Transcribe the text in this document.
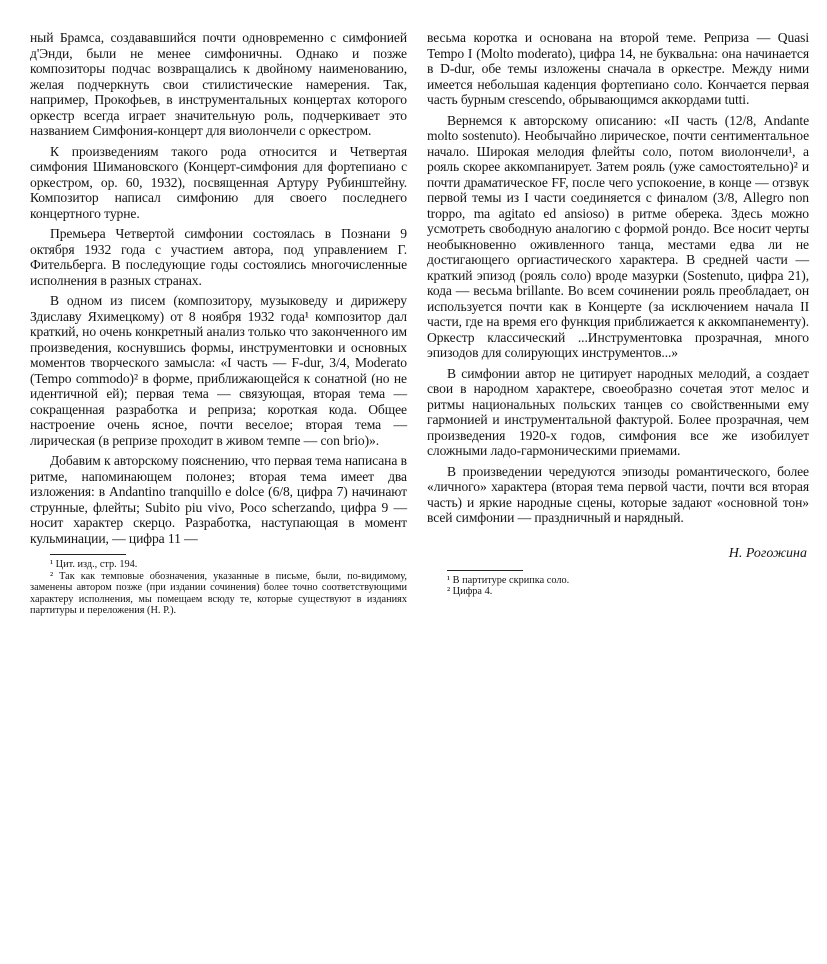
ный Брамса, создававшийся почти одновременно с симфонией д'Энди, были не менее симфоничны. Однако и позже композиторы подчас возвращались к двойному наименованию, желая подчеркнуть свои стилистические намерения. Так, например, Прокофьев, в инструментальных концертах которого оркестр всегда играет значительную роль, подчеркивает это названием Симфония-концерт для виолончели с оркестром.

К произведениям такого рода относится и Четвертая симфония Шимановского (Концерт-симфония для фортепиано с оркестром, ор. 60, 1932), посвященная Артуру Рубинштейну. Композитор написал симфонию для своего последнего концертного турне.

Премьера Четвертой симфонии состоялась в Познани 9 октября 1932 года с участием автора, под управлением Г. Фительберга. В последующие годы состоялись многочисленные исполнения в разных странах.

В одном из писем (композитору, музыковеду и дирижеру Здиславу Яхимецкому) от 8 ноября 1932 года¹ композитор дал краткий, но очень конкретный анализ только что законченного им произведения, коснувшись формы, инструментовки и основных моментов творческого замысла: «I часть — F-dur, 3/4, Moderato (Tempo commodo)² в форме, приближающейся к сонатной (но не идентичной ей); первая тема — связующая, вторая тема — сокращенная разработка и реприза; короткая кода. Общее настроение очень ясное, почти веселое; вторая тема — лирическая (в репризе проходит в живом темпе — con brio)».

Добавим к авторскому пояснению, что первая тема написана в ритме, напоминающем полонез; вторая тема имеет два изложения: в Andantino tranquillo e dolce (6/8, цифра 7) начинают струнные, флейты; Subito piu vivo, Poco scherzando, цифра 9 — носит характер скерцо. Разработка, наступающая в момент кульминации, — цифра 11 —

¹ Цит. изд., стр. 194.

² Так как темповые обозначения, указанные в письме, были, по-видимому, заменены автором позже (при издании сочинения) более точно соответствующими характеру исполнения, мы помещаем всюду те, которые существуют в изданиях партитуры и переложения (Н. Р.).

весьма коротка и основана на второй теме. Реприза — Quasi Tempo I (Molto moderato), цифра 14, не буквальна: она начинается в D-dur, обе темы изложены сначала в оркестре. Между ними имеется небольшая каденция фортепиано соло. Кончается первая часть бурным crescendo, обрывающимся аккордами tutti.

Вернемся к авторскому описанию: «II часть (12/8, Andante molto sostenuto). Необычайно лирическое, почти сентиментальное начало. Широкая мелодия флейты соло, потом виолончели¹, а рояль скорее аккомпанирует. Затем рояль (уже самостоятельно)² и почти драматическое FF, после чего успокоение, в конце — отзвук первой темы из I части соединяется с финалом (3/8, Allegro non troppo, ma agitato ed ansioso) в ритме оберека. Здесь можно усмотреть свободную аналогию с формой рондо. Все носит черты необыкновенно оживленного танца, местами едва ли не достигающего оргиастического характера. В средней части — краткий эпизод (рояль соло) вроде мазурки (Sostenuto, цифра 21), кода — весьма brillante. Во всем сочинении рояль преобладает, он используется почти как в Концерте (за исключением начала II части, где на время его функция приближается к аккомпанементу). Оркестр классический ...Инструментовка прозрачная, много эпизодов для солирующих инструментов...»

В симфонии автор не цитирует народных мелодий, а создает свои в народном характере, своеобразно сочетая этот мелос и ритмы национальных польских танцев со свойственными ему гармонией и инструментальной фактурой. Более прозрачная, чем произведения 1920-х годов, симфония все же изобилует сложными ладо-гармоническими приемами.

В произведении чередуются эпизоды романтического, более «личного» характера (вторая тема первой части, почти вся вторая часть) и яркие народные сцены, которые задают «основной тон» всей симфонии — праздничный и нарядный.

Н. Рогожина

¹ В партитуре скрипка соло.

² Цифра 4.
